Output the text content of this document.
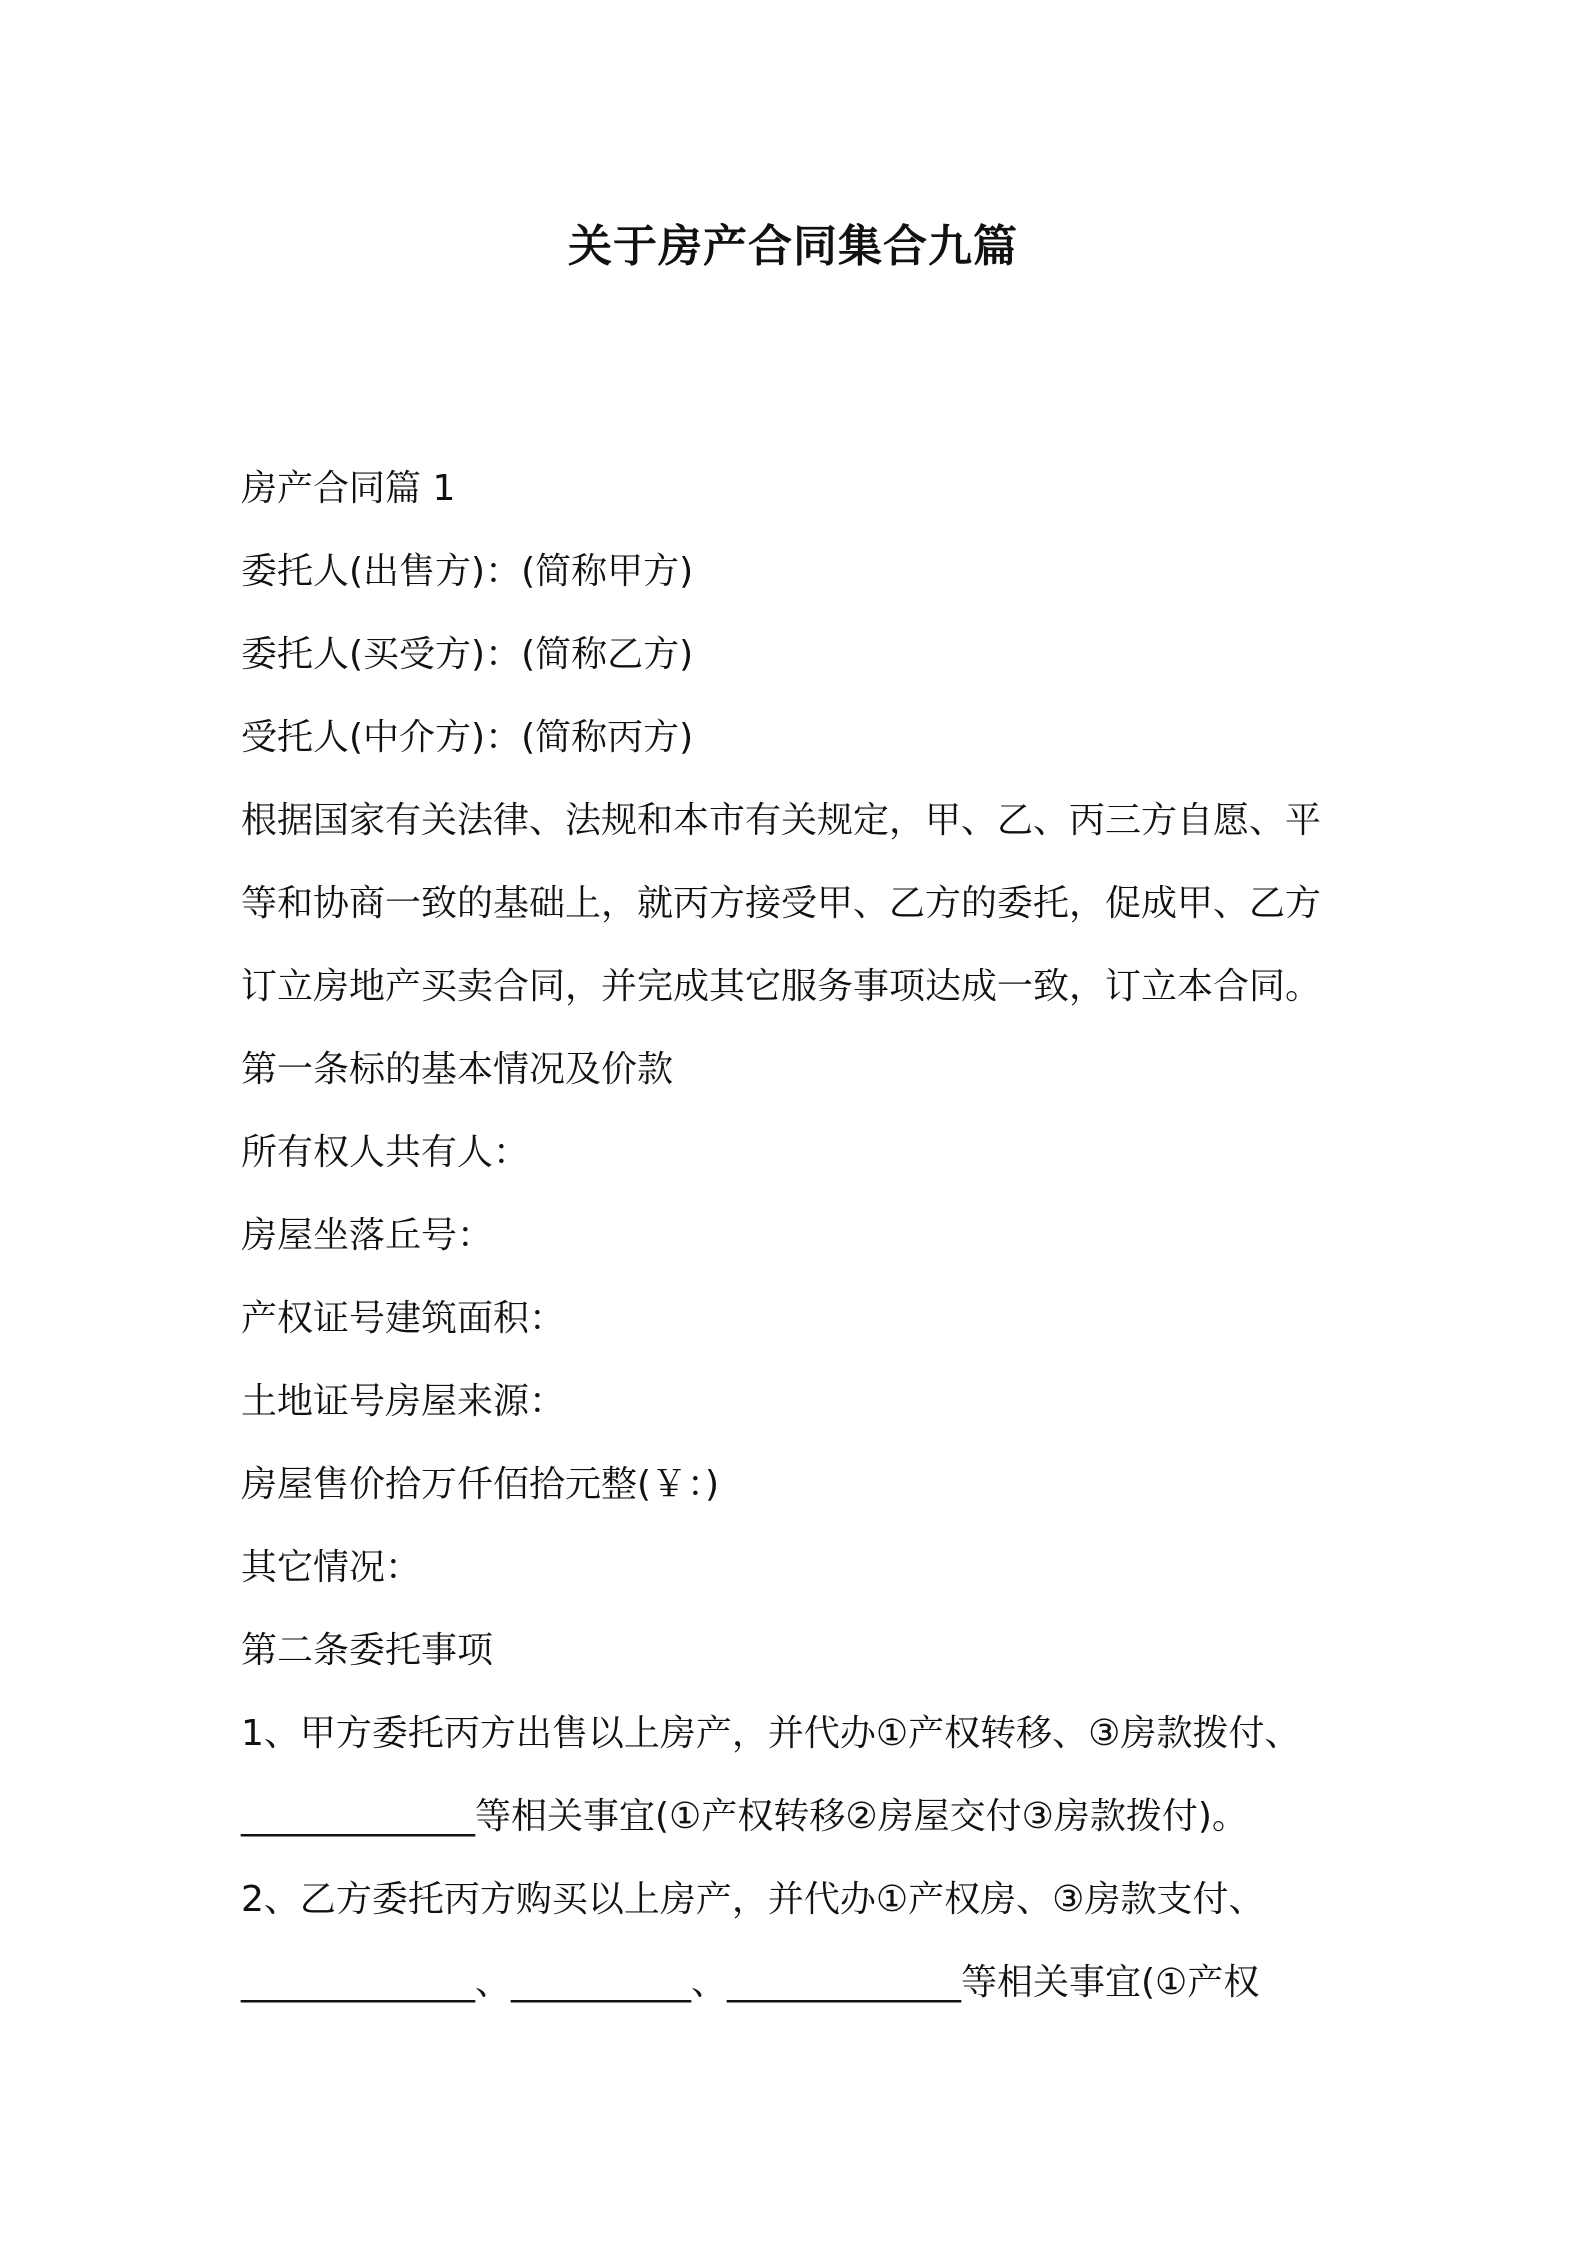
关于房产合同集合九篇

房产合同篇 1

委托人(出售方)：(简称甲方)

委托人(买受方)：(简称乙方)

受托人(中介方)：(简称丙方)

根据国家有关法律、法规和本市有关规定，甲、乙、丙三方自愿、平

等和协商一致的基础上，就丙方接受甲、乙方的委托，促成甲、乙方

订立房地产买卖合同，并完成其它服务事项达成一致，订立本合同。

第一条标的基本情况及价款

所有权人共有人：

房屋坐落丘号：

产权证号建筑面积：

土地证号房屋来源：

房屋售价拾万仟佰拾元整(￥：)

其它情况：

第二条委托事项

1、甲方委托丙方出售以上房产，并代办①产权转移、③房款拨付、

_____________等相关事宜(①产权转移②房屋交付③房款拨付)。

2、乙方委托丙方购买以上房产，并代办①产权房、③房款支付、

_____________、__________、_____________等相关事宜(①产权
